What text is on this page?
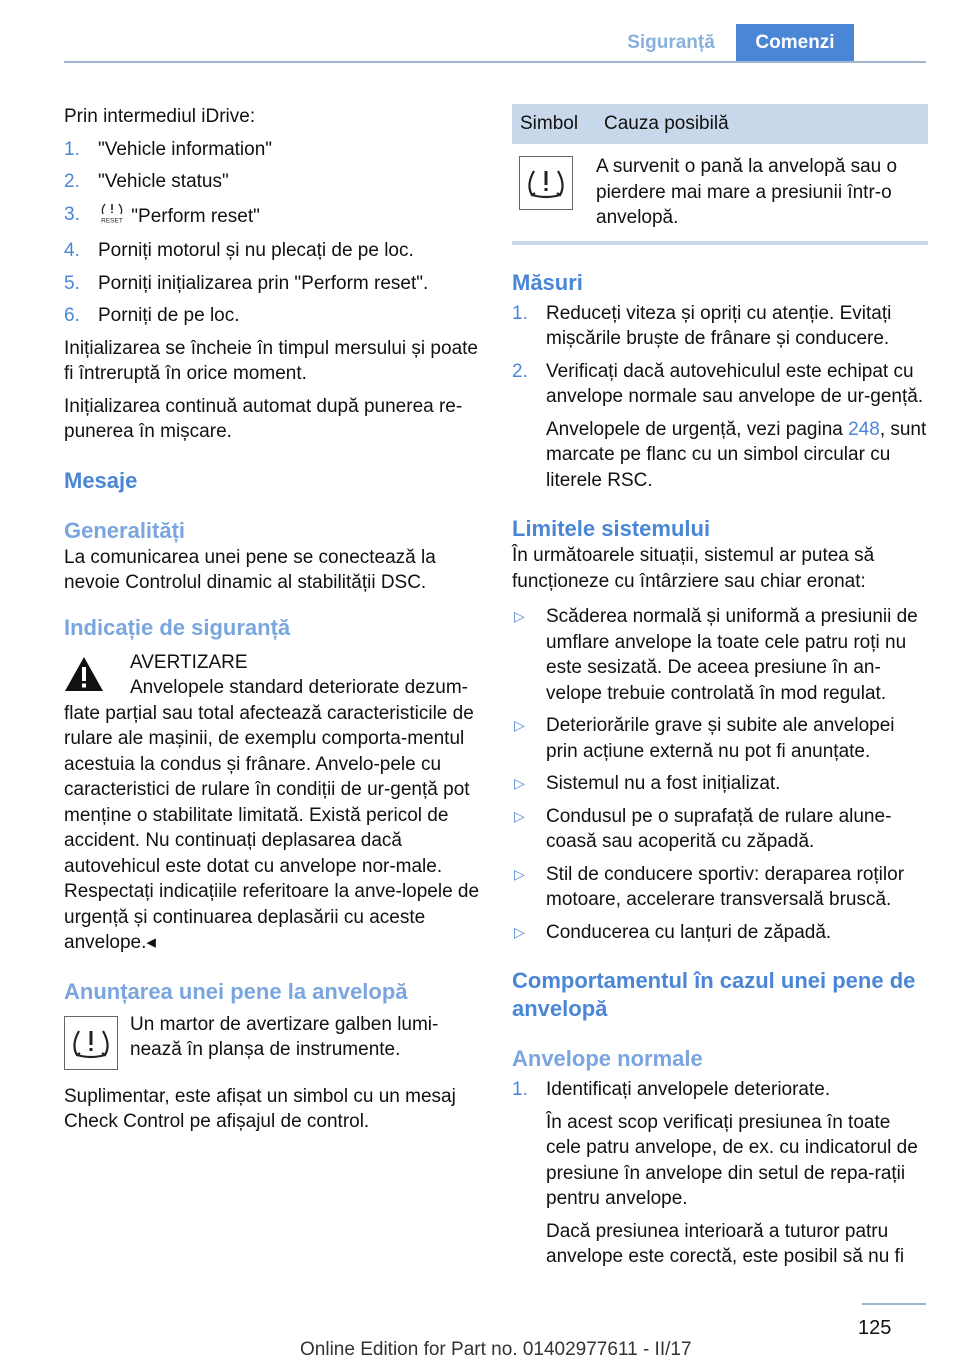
Siguranță	Comenzi

Prin intermediul iDrive:

1. "Vehicle information"
2. "Vehicle status"
3.	RESET "Perform reset"
4. Porniți motorul și nu plecați de pe loc.
5. Porniți inițializarea prin "Perform reset".
6. Porniți de pe loc.

Inițializarea se încheie în timpul mersului și poate fi întreruptă în orice moment.

Inițializarea continuă automat după punerea re‐punerea în mișcare.

Mesaje
Generalități

La comunicarea unei pene se conectează la nevoie Controlul dinamic al stabilității DSC.

Indicație de siguranță
AVERTIZARE
Anvelopele standard deteriorate dezum‐

flate parțial sau total afectează caracteristicile de rulare ale mașinii, de exemplu comporta‐mentul acestuia la condus și frânare. Anvelo‐pele cu caracteristici de rulare în condiții de ur‐gență pot menține o stabilitate limitată. Există pericol de accident. Nu continuați deplasarea dacă autovehicul este dotat cu anvelope nor‐male. Respectați indicațiile referitoare la anve‐lopele de urgență și continuarea deplasării cu aceste anvelope.◂

Anunțarea unei pene la anvelopă
Un martor de avertizare galben lumi‐nează în planșa de instrumente.

Suplimentar, este afișat un simbol cu un mesaj Check Control pe afișajul de control.

Simbol	Cauza posibilă
A survenit o pană la anvelopă sau o pierdere mai mare a presiunii într-o anvelopă.
Măsuri
1. Reduceți viteza și opriți cu atenție. Evitați mișcările bruște de frânare și conducere.
2. Verificați dacă autovehiculul este echipat cu anvelope normale sau anvelope de ur‐gență.

Anvelopele de urgență, vezi pagina 248, sunt marcate pe flanc cu un simbol circular cu literele RSC.

Limitele sistemului

În următoarele situații, sistemul ar putea să funcționeze cu întârziere sau chiar eronat:

▷ Scăderea normală și uniformă a presiunii de umflare anvelope la toate cele patru roți nu este sesizată. De aceea presiune în an‐velope trebuie controlată în mod regulat.
▷ Deteriorările grave și subite ale anvelopei prin acțiune externă nu pot fi anunțate.
▷ Sistemul nu a fost inițializat.
▷ Condusul pe o suprafață de rulare alune‐coasă sau acoperită cu zăpadă.
▷ Stil de conducere sportiv: deraparea roților motoare, accelerare transversală bruscă.
▷ Conducerea cu lanțuri de zăpadă.
Comportamentul în cazul unei pene de anvelopă
Anvelope normale
1. Identificați anvelopele deteriorate.

În acest scop verificați presiunea în toate cele patru anvelope, de ex. cu indicatorul de presiune în anvelope din setul de repa‐rații pentru anvelope.

Dacă presiunea interioară a tuturor patru anvelope este corectă, este posibil să nu fi

125
Online Edition for Part no. 01402977611 - II/17
